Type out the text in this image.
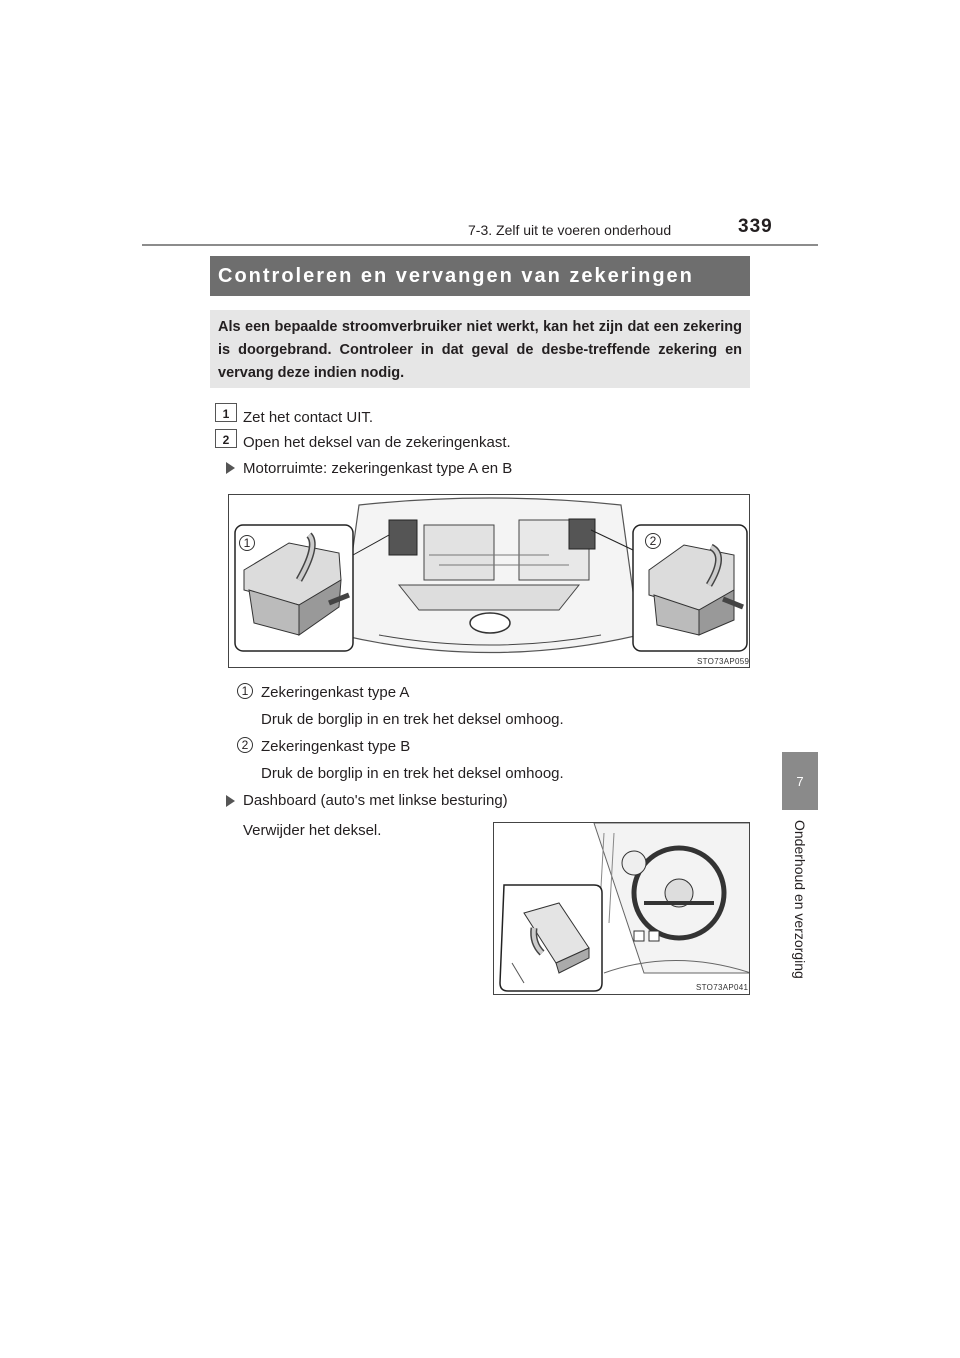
7-3. Zelf uit te voeren onderhoud	339
7
Onderhoud en verzorging
Controleren en vervangen van zekeringen
Als een bepaalde stroomverbruiker niet werkt, kan het zijn dat een zekering is doorgebrand. Controleer in dat geval de desbe-treffende zekering en vervang deze indien nodig.
1 Zet het contact UIT.
2 Open het deksel van de zekeringenkast.
Motorruimte: zekeringenkast type A en B
1	2
STO73AP059
1 Zekeringenkast type A
Druk de borglip in en trek het deksel omhoog.
2 Zekeringenkast type B
Druk de borglip in en trek het deksel omhoog.
Dashboard (auto's met linkse besturing)
Verwijder het deksel.
STO73AP041
